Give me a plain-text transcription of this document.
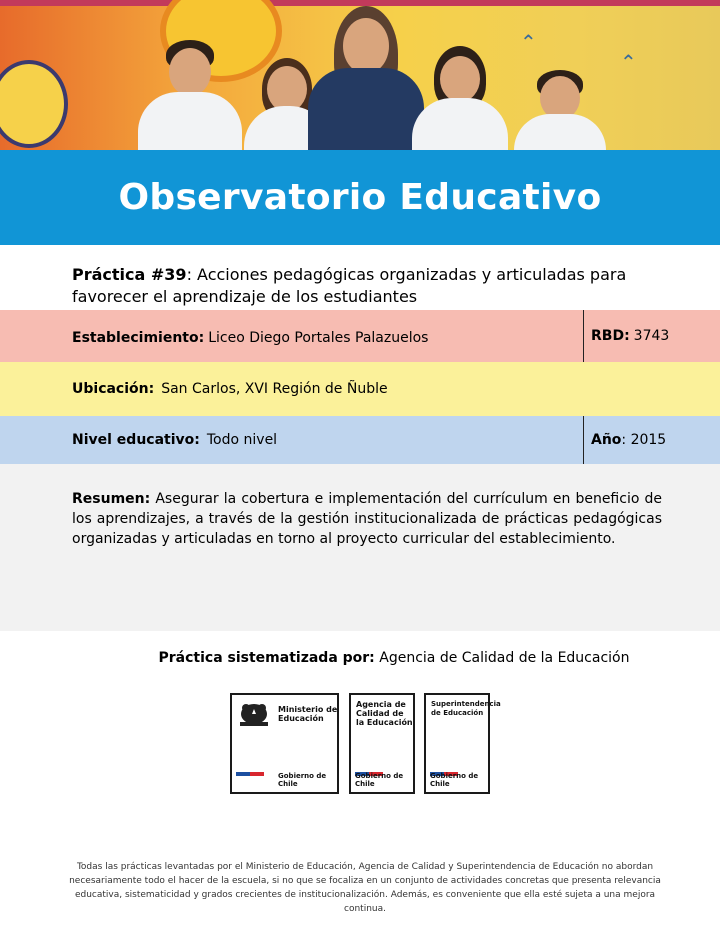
⌃
⌃
Observatorio Educativo
Práctica #39: Acciones pedagógicas organizadas y articuladas para favorecer el aprendizaje de los estudiantes
Establecimiento: Liceo Diego Portales Palazuelos	RBD: 3743
Ubicación: San Carlos, XVI Región de Ñuble
Nivel educativo: Todo nivel	Año : 2015
Resumen: Asegurar la cobertura e implementación del currículum en beneficio de los aprendizajes, a través de la gestión institucionalizada de prácticas pedagógicas organizadas y articuladas en torno al proyecto curricular del establecimiento.
Práctica sistematizada por: Agencia de Calidad de la Educación
Ministerio de Educación
Gobierno de Chile
Agencia de Calidad de la Educación
Gobierno de Chile
Superintendencia de Educación
Gobierno de Chile
Todas las prácticas levantadas por el Ministerio de Educación, Agencia de Calidad y Superintendencia de Educación no abordan necesariamente todo el hacer de la escuela, si no que se focaliza en un conjunto de actividades concretas que presenta relevancia educativa, sistematicidad y grados crecientes de institucionalización. Además, es conveniente que ella esté sujeta a una mejora continua.
